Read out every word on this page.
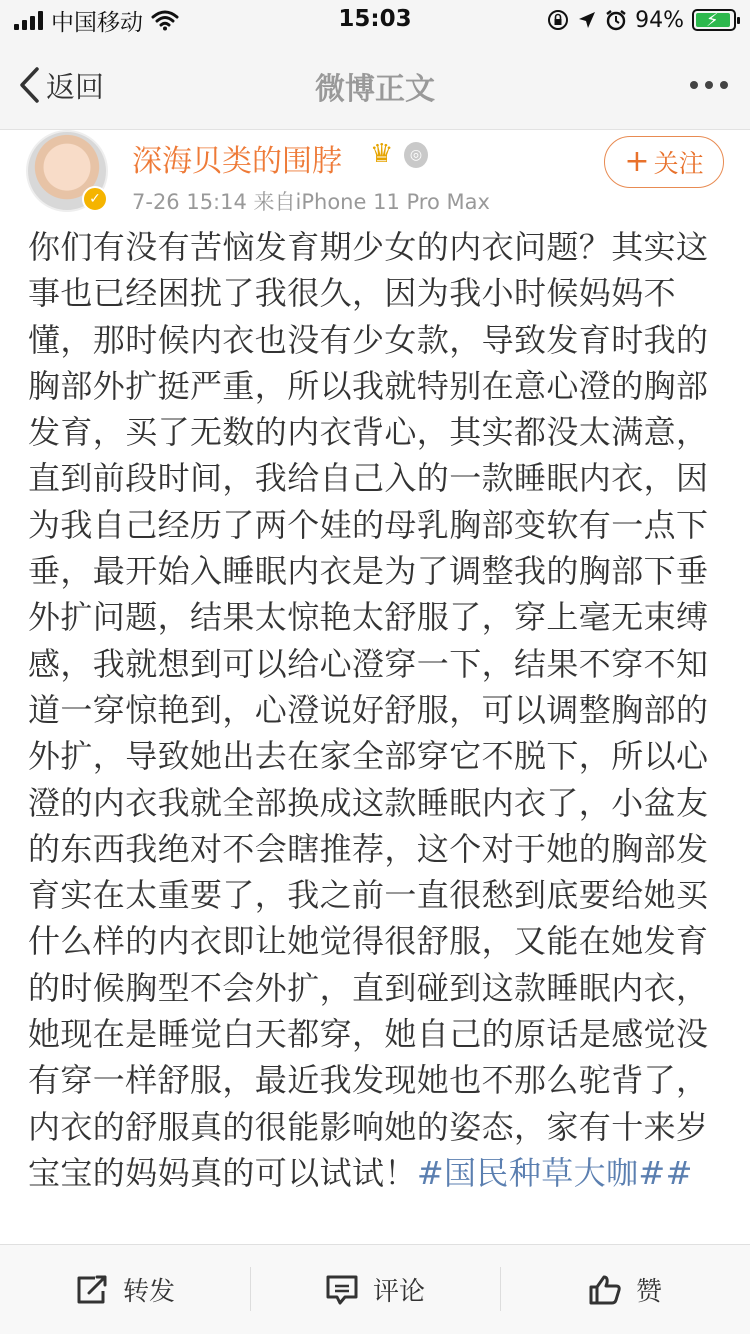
中国移动	15:03	94% ⚡
返回	微博正文
✓
深海贝类的围脖 ♛	◎
7-26 15:14 来自iPhone 11 Pro Max
+ 关注
你们有没有苦恼发育期少女的内衣问题？其实这事也已经困扰了我很久，因为我小时候妈妈不懂，那时候内衣也没有少女款，导致发育时我的胸部外扩挺严重，所以我就特别在意心澄的胸部发育，买了无数的内衣背心，其实都没太满意，直到前段时间，我给自己入的一款睡眠内衣，因为我自己经历了两个娃的母乳胸部变软有一点下垂，最开始入睡眠内衣是为了调整我的胸部下垂外扩问题，结果太惊艳太舒服了，穿上毫无束缚感，我就想到可以给心澄穿一下，结果不穿不知道一穿惊艳到，心澄说好舒服，可以调整胸部的外扩，导致她出去在家全部穿它不脱下，所以心澄的内衣我就全部换成这款睡眠内衣了，小盆友的东西我绝对不会瞎推荐，这个对于她的胸部发育实在太重要了，我之前一直很愁到底要给她买什么样的内衣即让她觉得很舒服，又能在她发育的时候胸型不会外扩，直到碰到这款睡眠内衣，她现在是睡觉白天都穿，她自己的原话是感觉没有穿一样舒服，最近我发现她也不那么驼背了，内衣的舒服真的很能影响她的姿态，家有十来岁宝宝的妈妈真的可以试试！#国民种草大咖##
转发	评论	赞
